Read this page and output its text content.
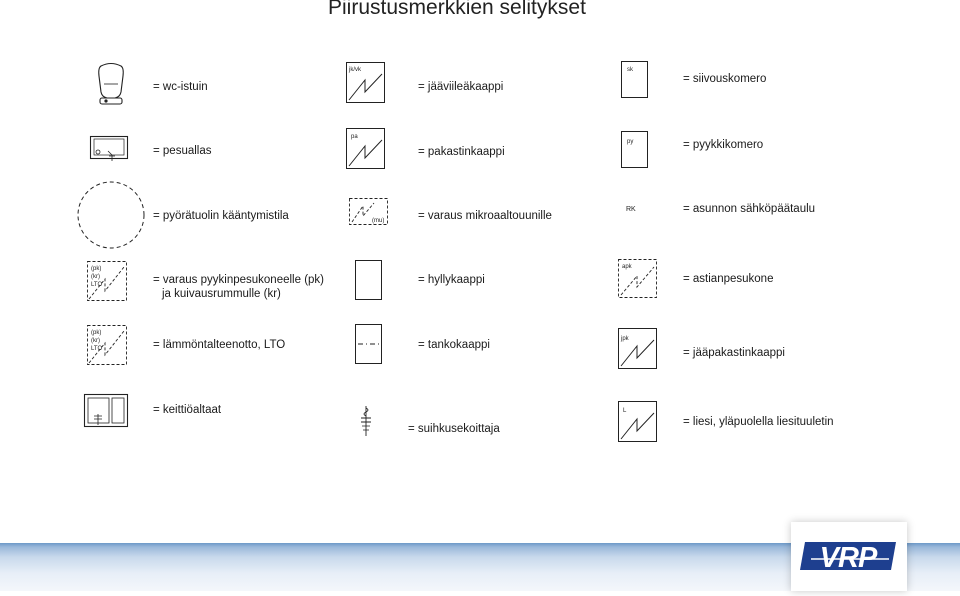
Piirustusmerkkien selitykset
= wc-istuin
jk/vk
= jääviileäkaappi
sk
= siivouskomero
= pesuallas
pa
= pakastinkaappi
py	= pyykkikomero
= pyörätuolin kääntymistila	(mu)	= varaus mikroaaltouunille
RK	= asunnon sähköpäätaulu
(pk)
(kr)
LTO	= varaus pyykinpesukoneelle (pk)
ja kuivausrummulle (kr)
= hyllykaappi
apk
= astianpesukone
(pk)
(kr)
LTO	= lämmöntalteenotto, LTO	= tankokaappi	jpk
= jääpakastinkaappi
= keittiöaltaat
= suihkusekoittaja
L
= liesi, yläpuolella liesituuletin
VRP
